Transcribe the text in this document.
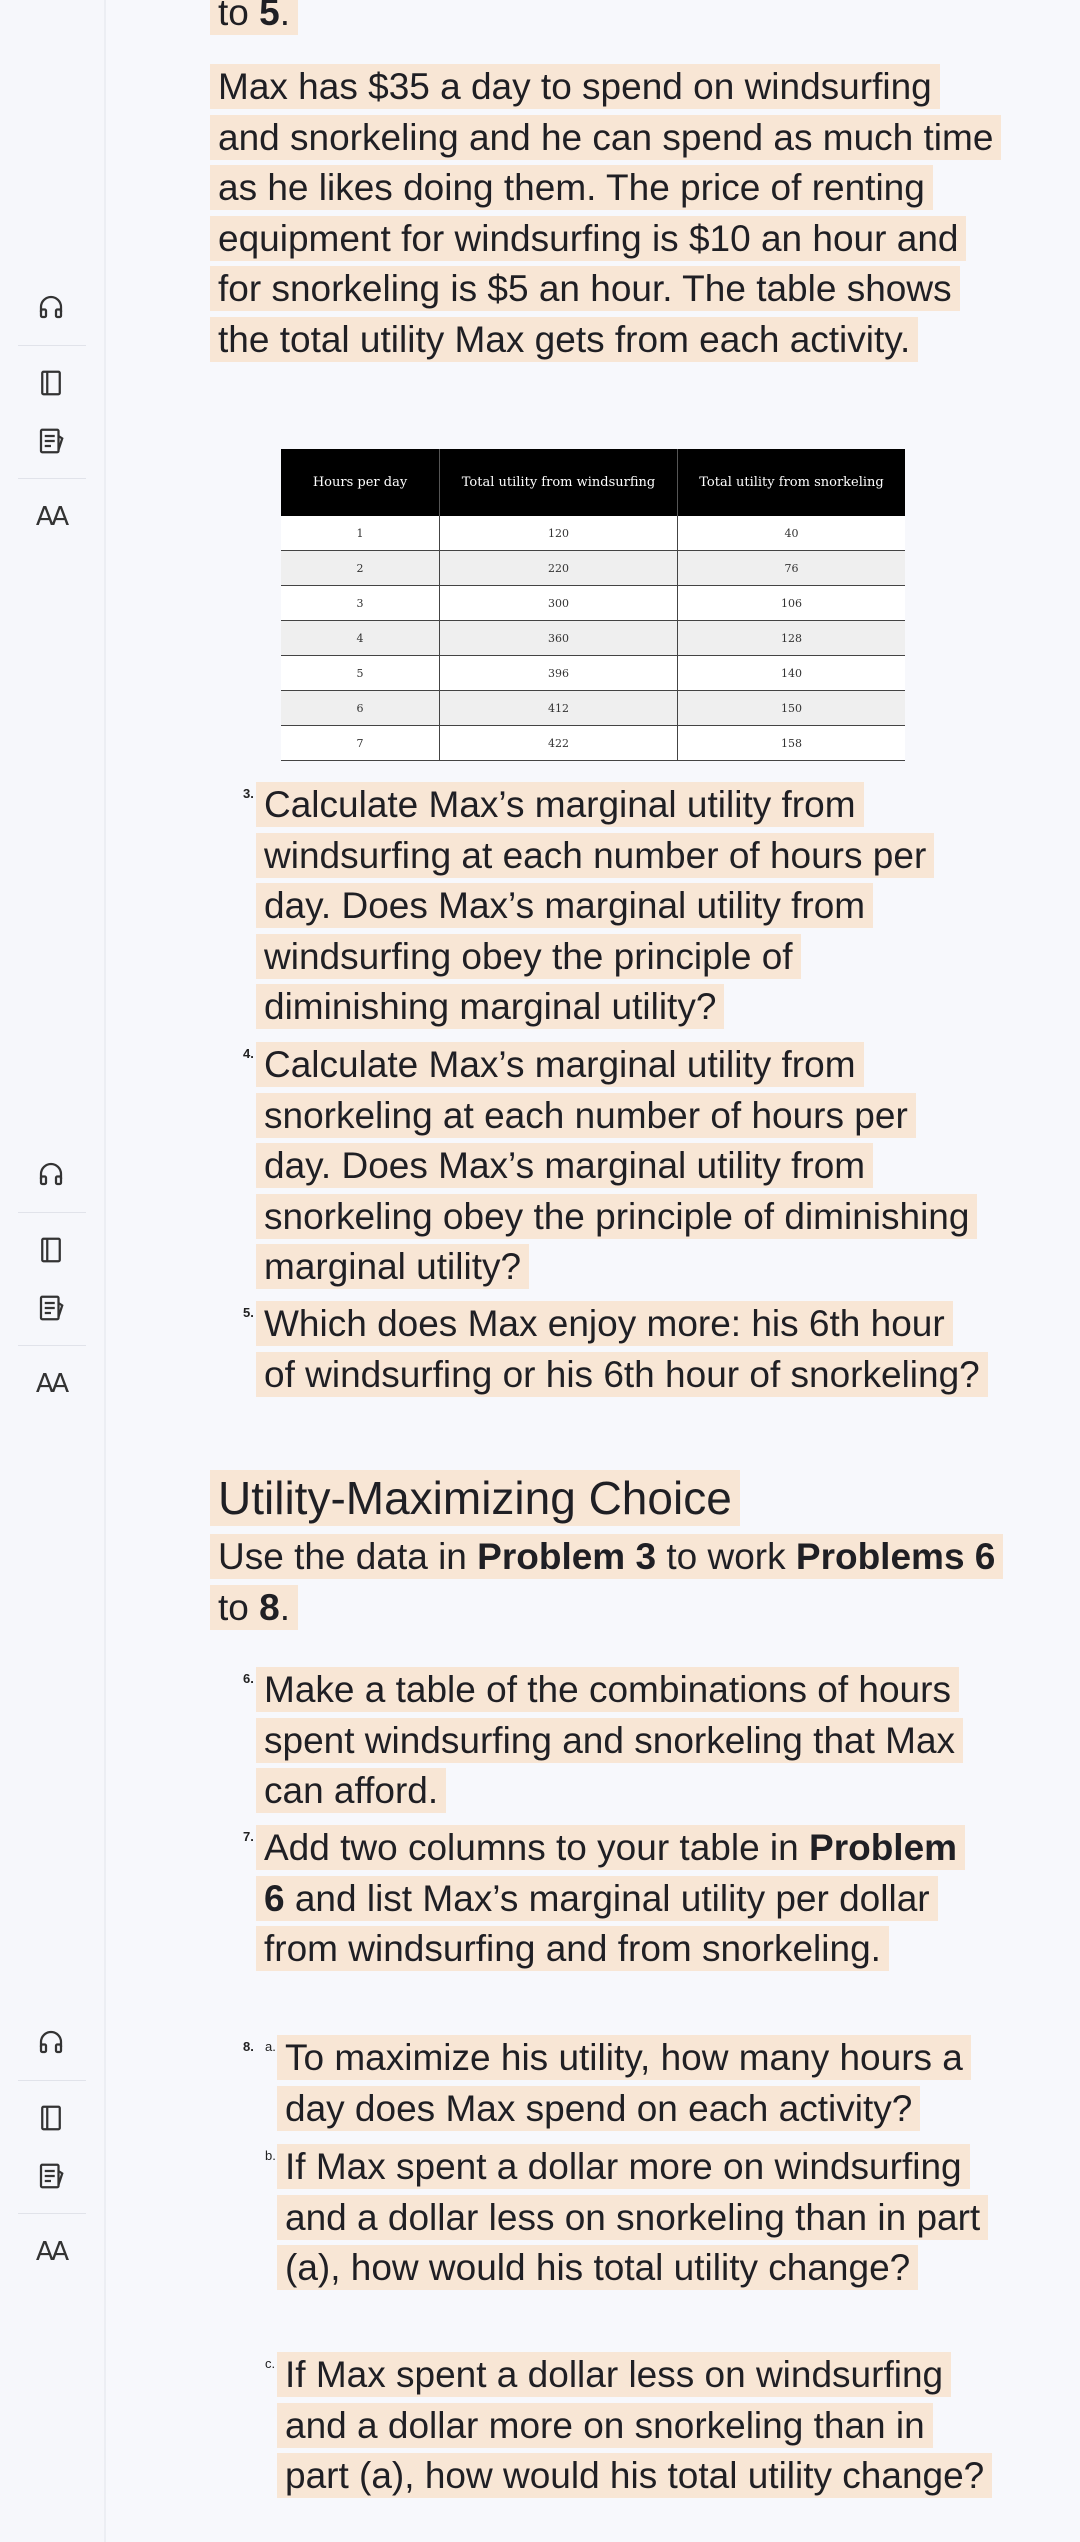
AA
AA
AA
to 5.

Max has $35 a day to spend on windsurfing and snorkeling and he can spend as much time as he likes doing them. The price of renting equipment for windsurfing is $10 an hour and for snorkeling is $5 an hour. The table shows the total utility Max gets from each activity.

Hours per day	Total utility from windsurfing	Total utility from snorkeling
1	120	40
2	220	76
3	300	106
4	360	128
5	396	140
6	412	150
7	422	158
3. Calculate Max’s marginal utility from windsurfing at each number of hours per day. Does Max’s marginal utility from windsurfing obey the principle of diminishing marginal utility?

4. Calculate Max’s marginal utility from snorkeling at each number of hours per day. Does Max’s marginal utility from snorkeling obey the principle of diminishing marginal utility?

5. Which does Max enjoy more: his 6th hour of windsurfing or his 6th hour of snorkeling?

Utility-Maximizing Choice

Use the data in Problem 3 to work Problems 6 to 8.

6. Make a table of the combinations of hours spent windsurfing and snorkeling that Max can afford.

7. Add two columns to your table in Problem 6 and list Max’s marginal utility per dollar from windsurfing and from snorkeling.

8. a. To maximize his utility, how many hours a day does Max spend on each activity?

b. If Max spent a dollar more on windsurfing and a dollar less on snorkeling than in part (a), how would his total utility change?

c. If Max spent a dollar less on windsurfing and a dollar more on snorkeling than in part (a), how would his total utility change?
